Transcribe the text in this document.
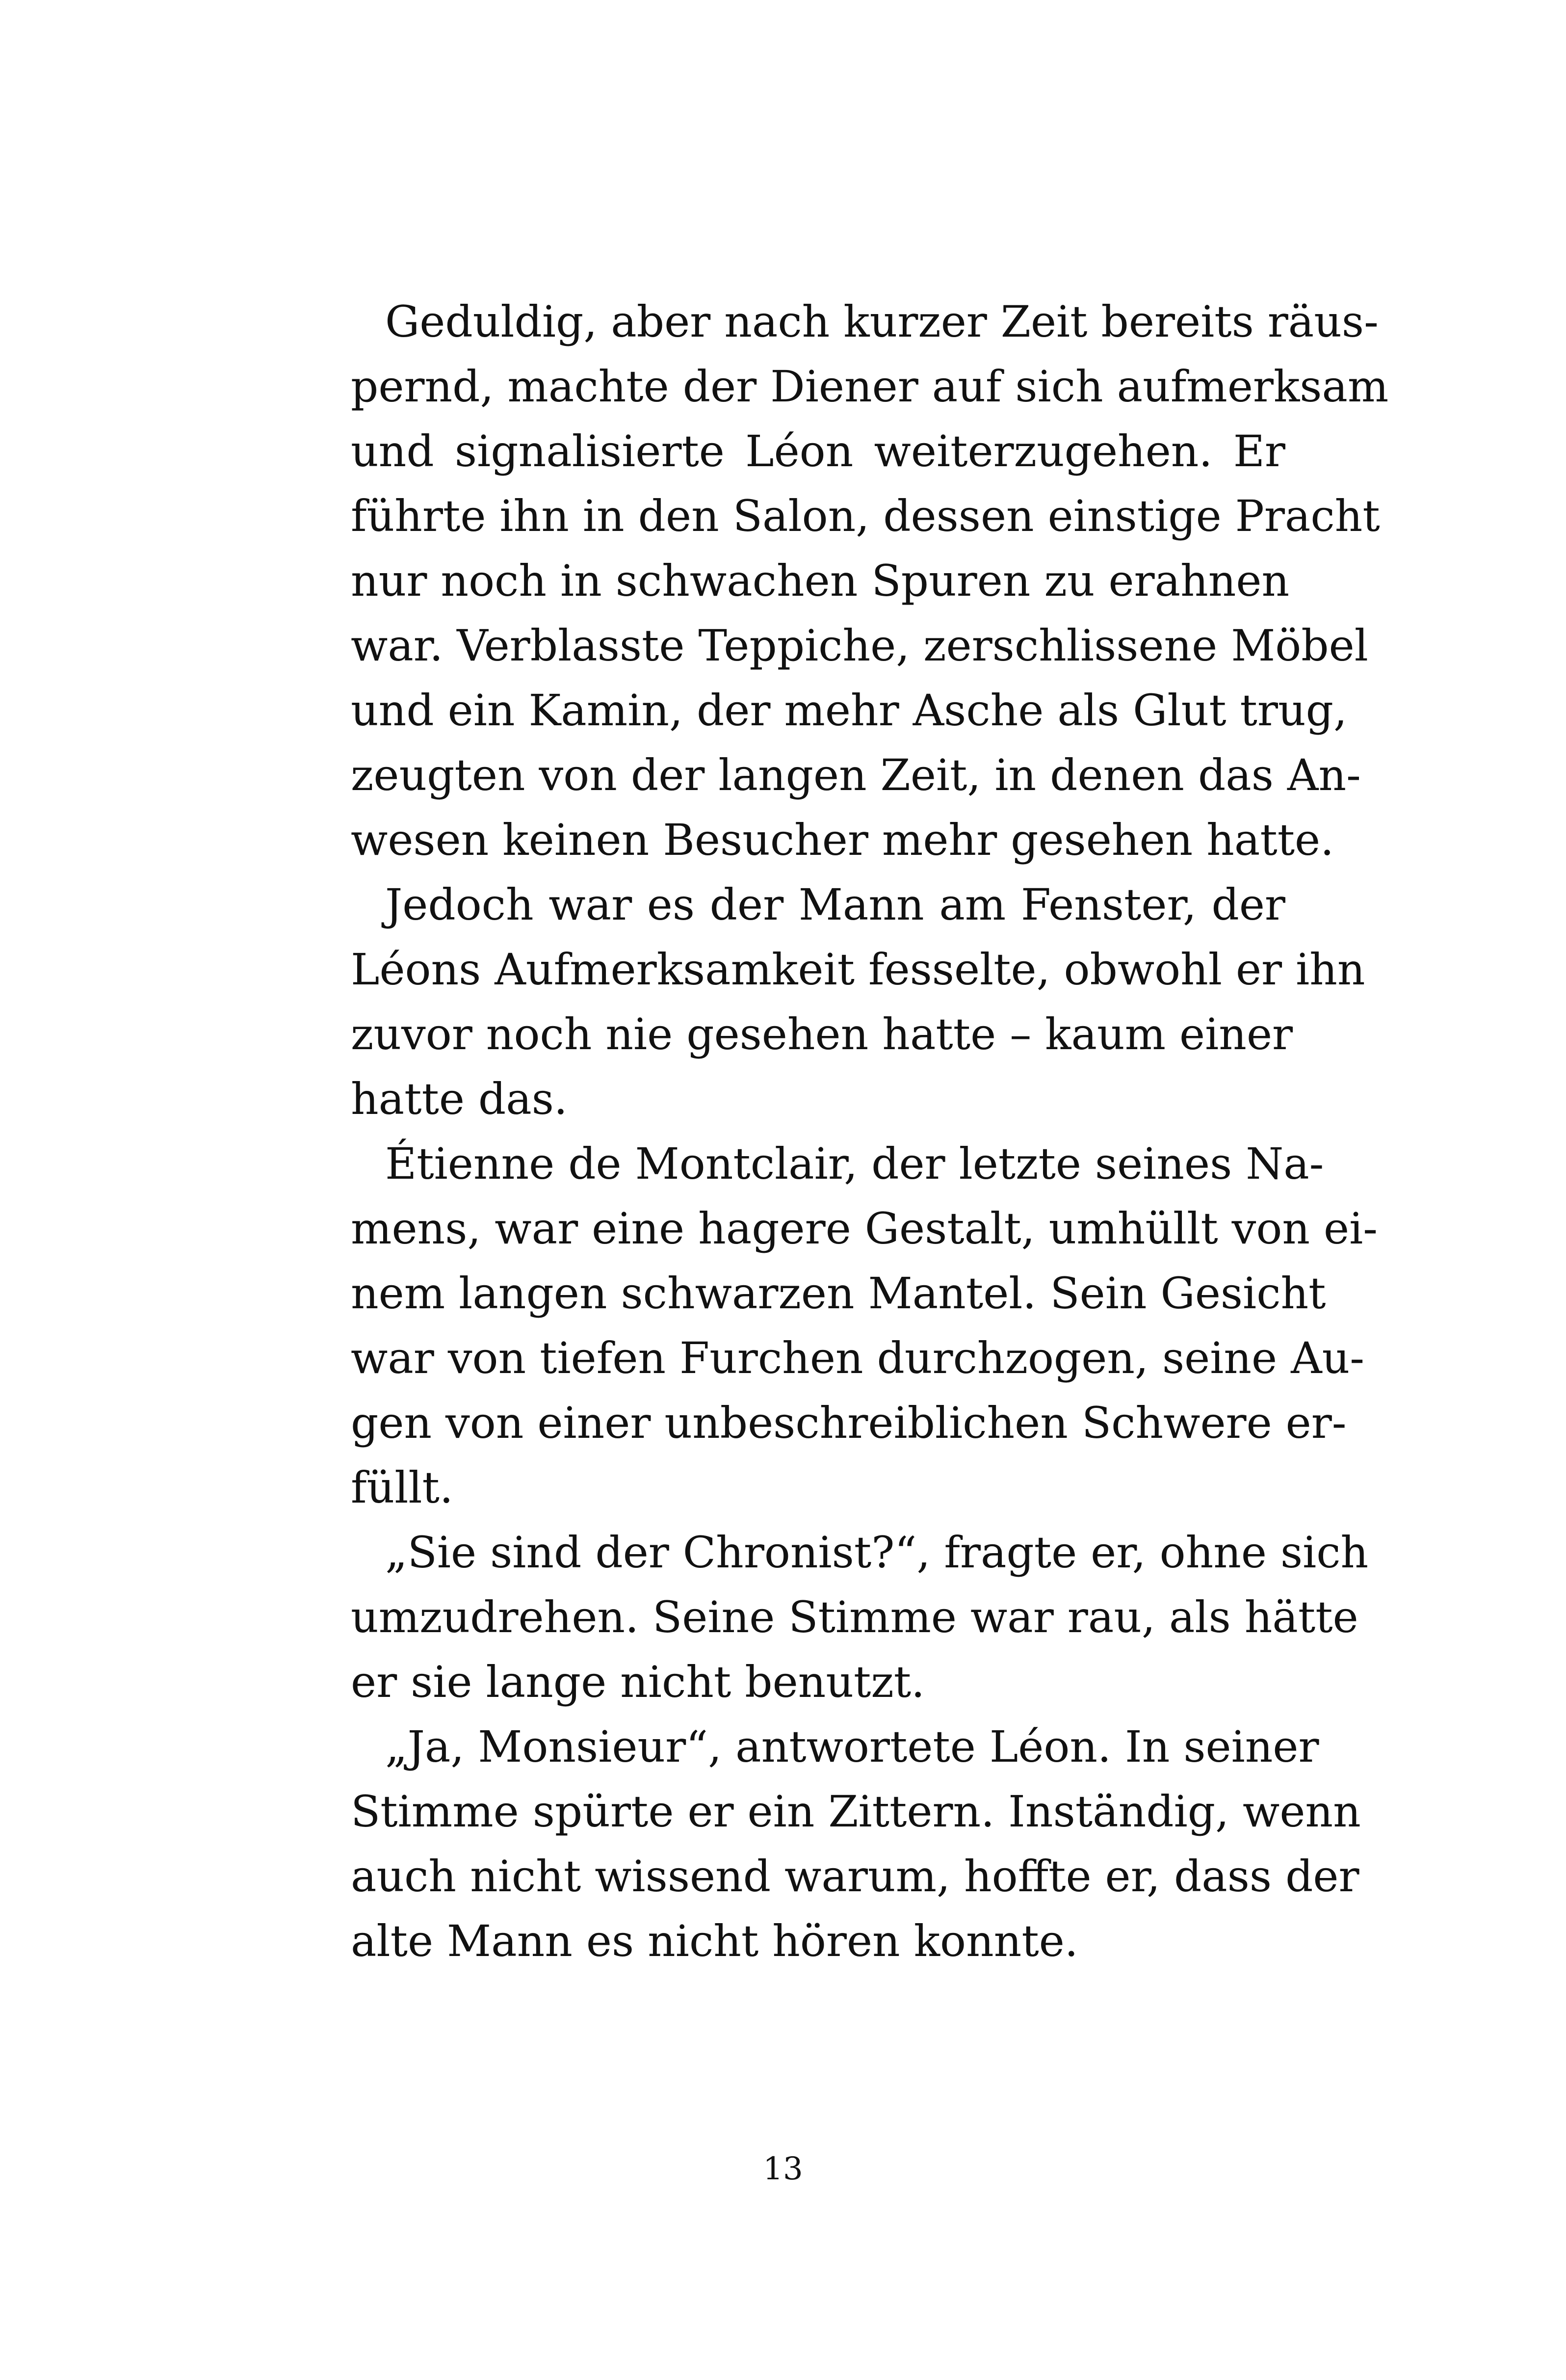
Geduldig, aber nach kurzer Zeit bereits räus-
pernd, machte der Diener auf sich aufmerksam
und signalisierte Léon weiterzugehen. Er
führte ihn in den Salon, dessen einstige Pracht
nur noch in schwachen Spuren zu erahnen
war. Verblasste Teppiche, zerschlissene Möbel
und ein Kamin, der mehr Asche als Glut trug,
zeugten von der langen Zeit, in denen das An-
wesen keinen Besucher mehr gesehen hatte.
Jedoch war es der Mann am Fenster, der
Léons Aufmerksamkeit fesselte, obwohl er ihn
zuvor noch nie gesehen hatte – kaum einer
hatte das.
Étienne de Montclair, der letzte seines Na-
mens, war eine hagere Gestalt, umhüllt von ei-
nem langen schwarzen Mantel. Sein Gesicht
war von tiefen Furchen durchzogen, seine Au-
gen von einer unbeschreiblichen Schwere er-
füllt.
„Sie sind der Chronist?“, fragte er, ohne sich
umzudrehen. Seine Stimme war rau, als hätte
er sie lange nicht benutzt.
„Ja, Monsieur“, antwortete Léon. In seiner
Stimme spürte er ein Zittern. Inständig, wenn
auch nicht wissend warum, hoffte er, dass der
alte Mann es nicht hören konnte.
13
